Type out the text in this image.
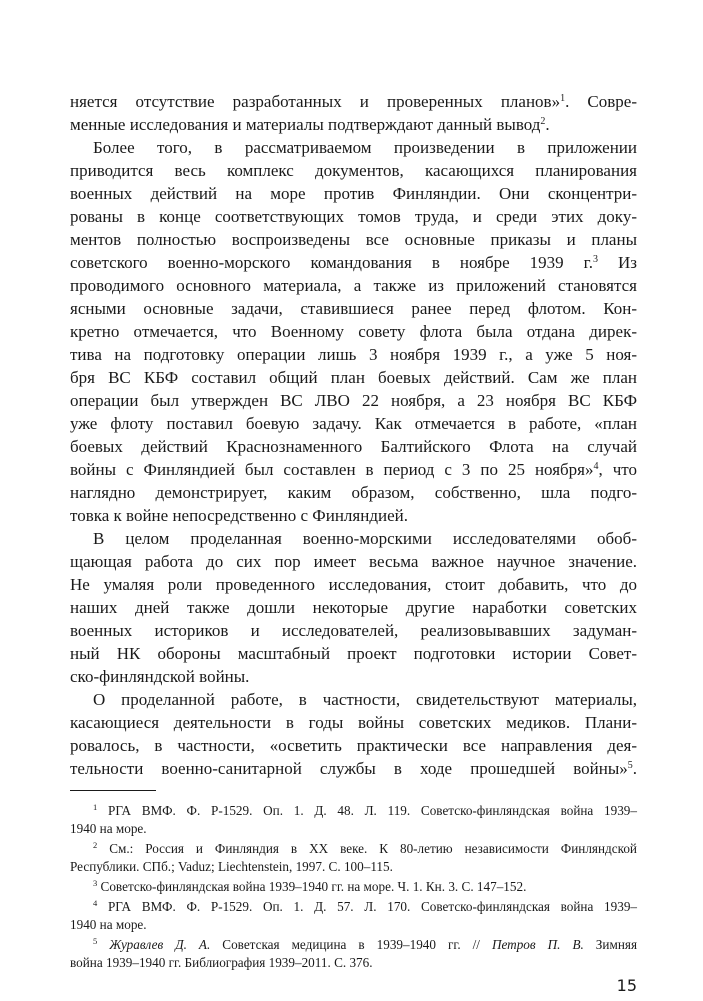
няется отсутствие разработанных и проверенных планов»$^1$. Совре-
менные исследования и материалы подтверждают данный вывод$^2$.
Более того, в рассматриваемом произведении в приложении
приводится весь комплекс документов, касающихся планирования
военных действий на море против Финляндии. Они сконцентри-
рованы в конце соответствующих томов труда, и среди этих доку-
ментов полностью воспроизведены все основные приказы и планы
советского военно-морского командования в ноябре 1939 г.$^3$ Из
проводимого основного материала, а также из приложений становятся
ясными основные задачи, ставившиеся ранее перед флотом. Кон-
кретно отмечается, что Военному совету флота была отдана дирек-
тива на подготовку операции лишь 3 ноября 1939 г., а уже 5 ноя-
бря ВС КБФ составил общий план боевых действий. Сам же план
операции был утвержден ВС ЛВО 22 ноября, а 23 ноября ВС КБФ
уже флоту поставил боевую задачу. Как отмечается в работе, «план
боевых действий Краснознаменного Балтийского Флота на случай
войны с Финляндией был составлен в период с 3 по 25 ноября»$^4$, что
наглядно демонстрирует, каким образом, собственно, шла подго-
товка к войне непосредственно с Финляндией.
В целом проделанная военно-морскими исследователями обоб-
щающая работа до сих пор имеет весьма важное научное значение.
Не умаляя роли проведенного исследования, стоит добавить, что до
наших дней также дошли некоторые другие наработки советских
военных историков и исследователей, реализовывавших задуман-
ный НК обороны масштабный проект подготовки истории Совет-
ско-финляндской войны.
О проделанной работе, в частности, свидетельствуют материалы,
касающиеся деятельности в годы войны советских медиков. Плани-
ровалось, в частности, «осветить практически все направления дея-
тельности военно-санитарной службы в ходе прошедшей войны»$^5$.
$^1$ РГА ВМФ. Ф. Р-1529. Оп. 1. Д. 48. Л. 119. Советско-финляндская война 1939–
1940 на море.
$^2$ См.: Россия и Финляндия в XX веке. К 80-летию независимости Финляндской
Республики. СПб.; Vaduz; Liechtenstein, 1997. С. 100–115.
$^3$ Советско-финляндская война 1939–1940 гг. на море. Ч. 1. Кн. 3. С. 147–152.
$^4$ РГА ВМФ. Ф. Р-1529. Оп. 1. Д. 57. Л. 170. Советско-финляндская война 1939–
1940 на море.
$^5$ Журавлев Д. А. Советская медицина в 1939–1940 гг. // Петров П. В. Зимняя
война 1939–1940 гг. Библиография 1939–2011. С. 376.
15
